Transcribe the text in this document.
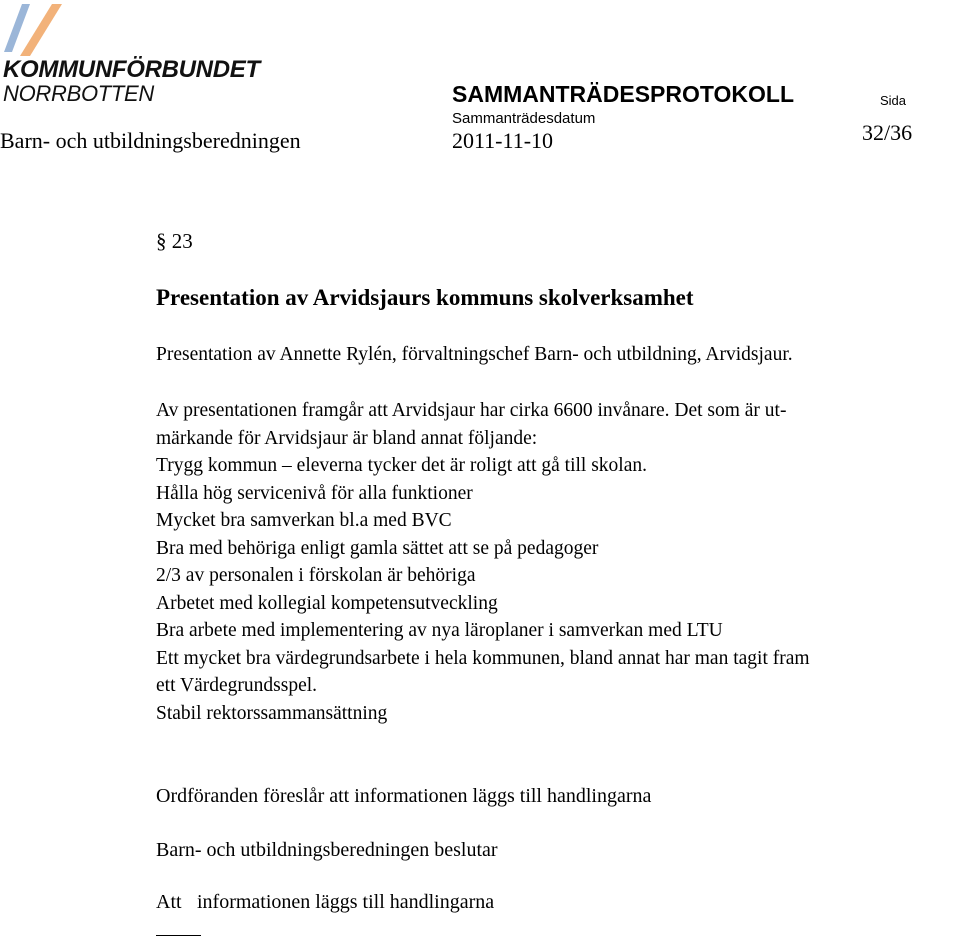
KOMMUNFÖRBUNDET
NORRBOTTEN	SAMMANTRÄDESPROTOKOLL	Sida
Sammanträdesdatum
Barn- och utbildningsberedningen	2011-11-10	32/36
§ 23
Presentation av Arvidsjaurs kommuns skolverksamhet
Presentation av Annette Rylén, förvaltningschef Barn- och utbildning, Arvidsjaur.
Av presentationen framgår att Arvidsjaur har cirka 6600 invånare. Det som är ut-
märkande för Arvidsjaur är bland annat följande:
Trygg kommun – eleverna tycker det är roligt att gå till skolan.
Hålla hög servicenivå för alla funktioner
Mycket bra samverkan bl.a med BVC
Bra med behöriga enligt gamla sättet att se på pedagoger
2/3 av personalen i förskolan är behöriga
Arbetet med kollegial kompetensutveckling
Bra arbete med implementering av nya läroplaner i samverkan med LTU
Ett mycket bra värdegrundsarbete i hela kommunen, bland annat har man tagit fram
ett Värdegrundsspel.
Stabil rektorssammansättning
Ordföranden föreslår att informationen läggs till handlingarna
Barn- och utbildningsberedningen beslutar
Att informationen läggs till handlingarna
